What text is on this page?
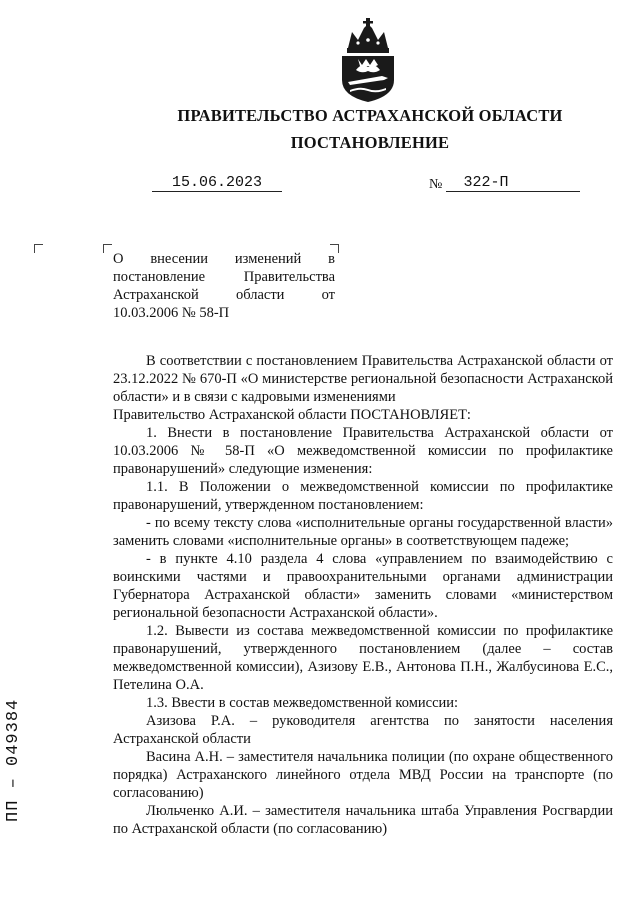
ПРАВИТЕЛЬСТВО АСТРАХАНСКОЙ ОБЛАСТИ
ПОСТАНОВЛЕНИЕ
15.06.2023	№	322-П
О внесении изменений в постановление Правительства Астраханской области от 10.03.2006 № 58-П

В соответствии с постановлением Правительства Астраханской области от 23.12.2022 № 670-П «О министерстве региональной безопасности Астраханской области» и в связи с кадровыми изменениями

Правительство Астраханской области ПОСТАНОВЛЯЕТ:

1. Внести в постановление Правительства Астраханской области от 10.03.2006 № 58-П «О межведомственной комиссии по профилактике правонарушений» следующие изменения:

1.1. В Положении о межведомственной комиссии по профилактике правонарушений, утвержденном постановлением:

- по всему тексту слова «исполнительные органы государственной власти» заменить словами «исполнительные органы» в соответствующем падеже;

- в пункте 4.10 раздела 4 слова «управлением по взаимодействию с воинскими частями и правоохранительными органами администрации Губернатора Астраханской области» заменить словами «министерством региональной безопасности Астраханской области».

1.2. Вывести из состава межведомственной комиссии по профилактике правонарушений, утвержденного постановлением (далее – состав межведомственной комиссии), Азизову Е.В., Антонова П.Н., Жалбусинова Е.С., Петелина О.А.

1.3. Ввести в состав межведомственной комиссии:

Азизова Р.А. – руководителя агентства по занятости населения Астраханской области

Васина А.Н. – заместителя начальника полиции (по охране общественного порядка) Астраханского линейного отдела МВД России на транспорте (по согласованию)

Люльченко А.И. – заместителя начальника штаба Управления Росгвардии по Астраханской области (по согласованию)

ПП – 049384
